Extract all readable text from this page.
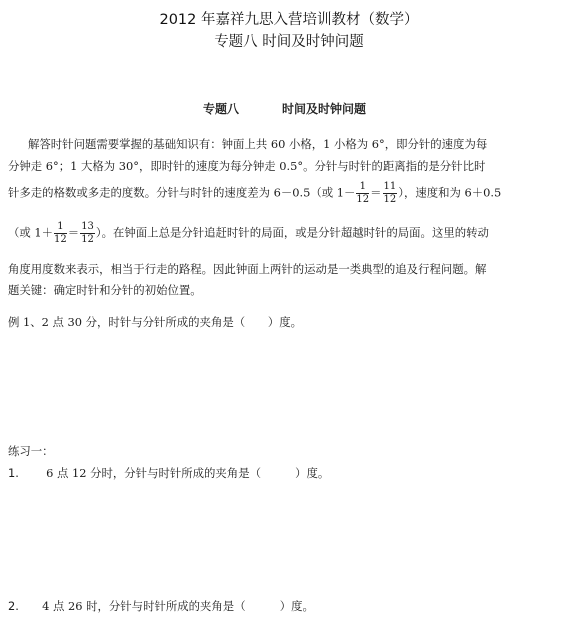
2012 年嘉祥九思入营培训教材（数学）
专题八 时间及时钟问题
专题八	时间及时钟问题
解答时针问题需要掌握的基础知识有：钟面上共 60 小格，1 小格为 6°，即分针的速度为每
分钟走 6°；1 大格为 30°，即时针的速度为每分钟走 0.5°。分针与时针的距离指的是分针比时
针多走的格数或多走的度数。分针与时针的速度差为 6－0.5（或 $1- \frac{1}{12} = \frac{11}{12}$ ），速度和为 6＋0.5
（或 $1+ \frac{1}{12} = \frac{13}{12}$ ）。在钟面上总是分针追赶时针的局面，或是分针超越时针的局面。这里的转动
角度用度数来表示，相当于行走的路程。因此钟面上两针的运动是一类典型的追及行程问题。解
题关键：确定时针和分针的初始位置。
例 1、2 点 30 分，时针与分针所成的夹角是（　　）度。
练习一：
1. 6 点 12 分时，分针与时针所成的夹角是（　　　）度。
2. 4 点 26 时，分针与时针所成的夹角是（　　　）度。
